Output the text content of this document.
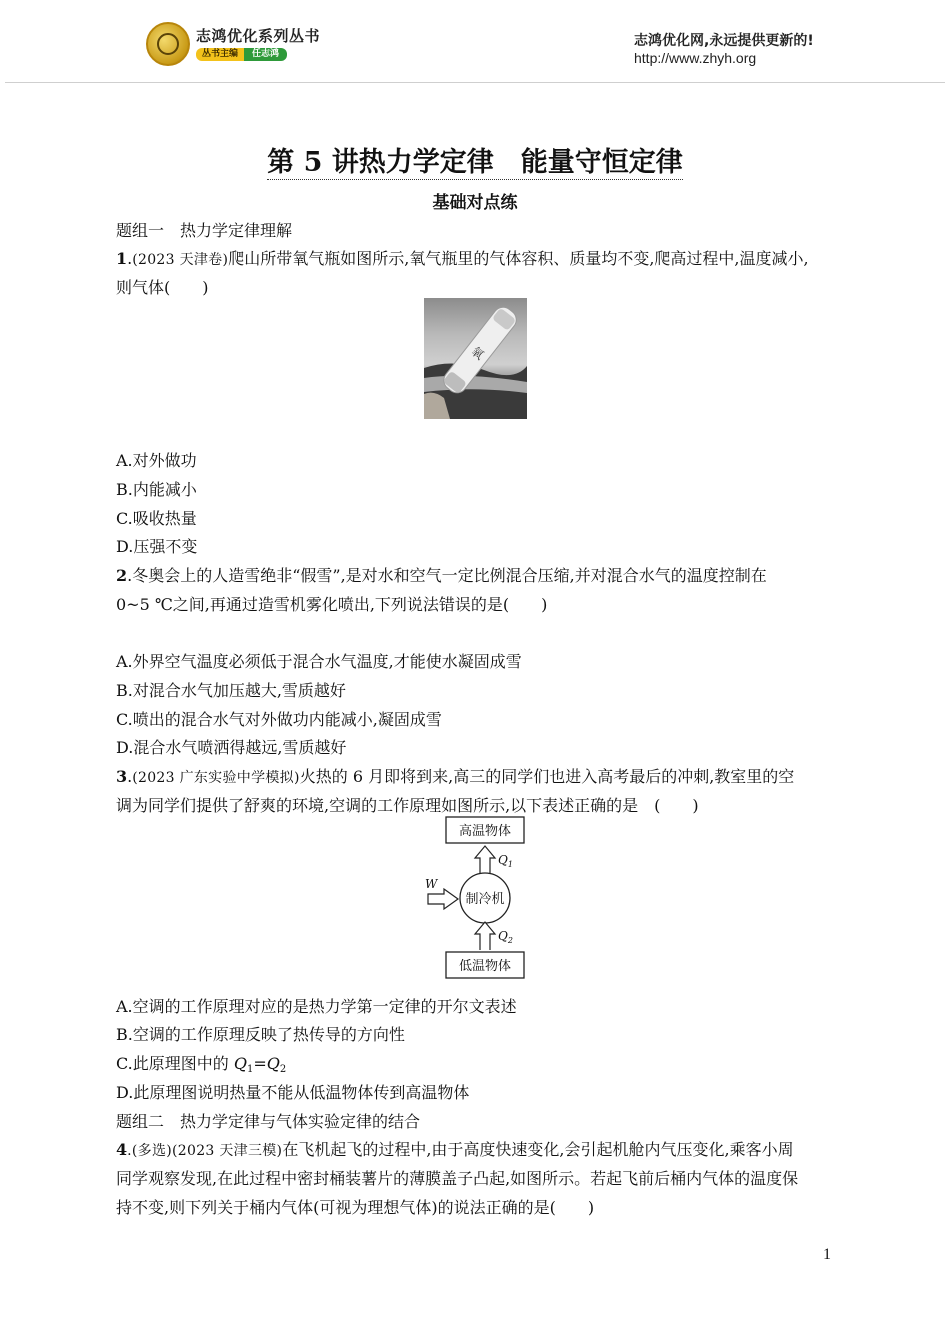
志鸿优化系列丛书
丛书主编	任志鸿
志鸿优化网,永远提供更新的!
http://www.zhyh.org
第 5 讲热力学定律　能量守恒定律
基础对点练
题组一　热力学定律理解
1.(2023 天津卷)爬山所带氧气瓶如图所示,氧气瓶里的气体容积、质量均不变,爬高过程中,温度减小,
则气体(　　)
氧
A.对外做功
B.内能减小
C.吸收热量
D.压强不变
2.冬奥会上的人造雪绝非“假雪”,是对水和空气一定比例混合压缩,并对混合水气的温度控制在
0~5 ℃之间,再通过造雪机雾化喷出,下列说法错误的是(　　)
A.外界空气温度必须低于混合水气温度,才能使水凝固成雪
B.对混合水气加压越大,雪质越好
C.喷出的混合水气对外做功内能减小,凝固成雪
D.混合水气喷洒得越远,雪质越好
3.(2023 广东实验中学模拟)火热的 6 月即将到来,高三的同学们也进入高考最后的冲刺,教室里的空
调为同学们提供了舒爽的环境,空调的工作原理如图所示,以下表述正确的是　(　　)
高温物体
$Q_1$
制冷机
W
$Q_2$
低温物体
A.空调的工作原理对应的是热力学第一定律的开尔文表述
B.空调的工作原理反映了热传导的方向性
C.此原理图中的 Q1=Q2
D.此原理图说明热量不能从低温物体传到高温物体
题组二　热力学定律与气体实验定律的结合
4.(多选)(2023 天津三模)在飞机起飞的过程中,由于高度快速变化,会引起机舱内气压变化,乘客小周
同学观察发现,在此过程中密封桶装薯片的薄膜盖子凸起,如图所示。若起飞前后桶内气体的温度保
持不变,则下列关于桶内气体(可视为理想气体)的说法正确的是(　　)
1
